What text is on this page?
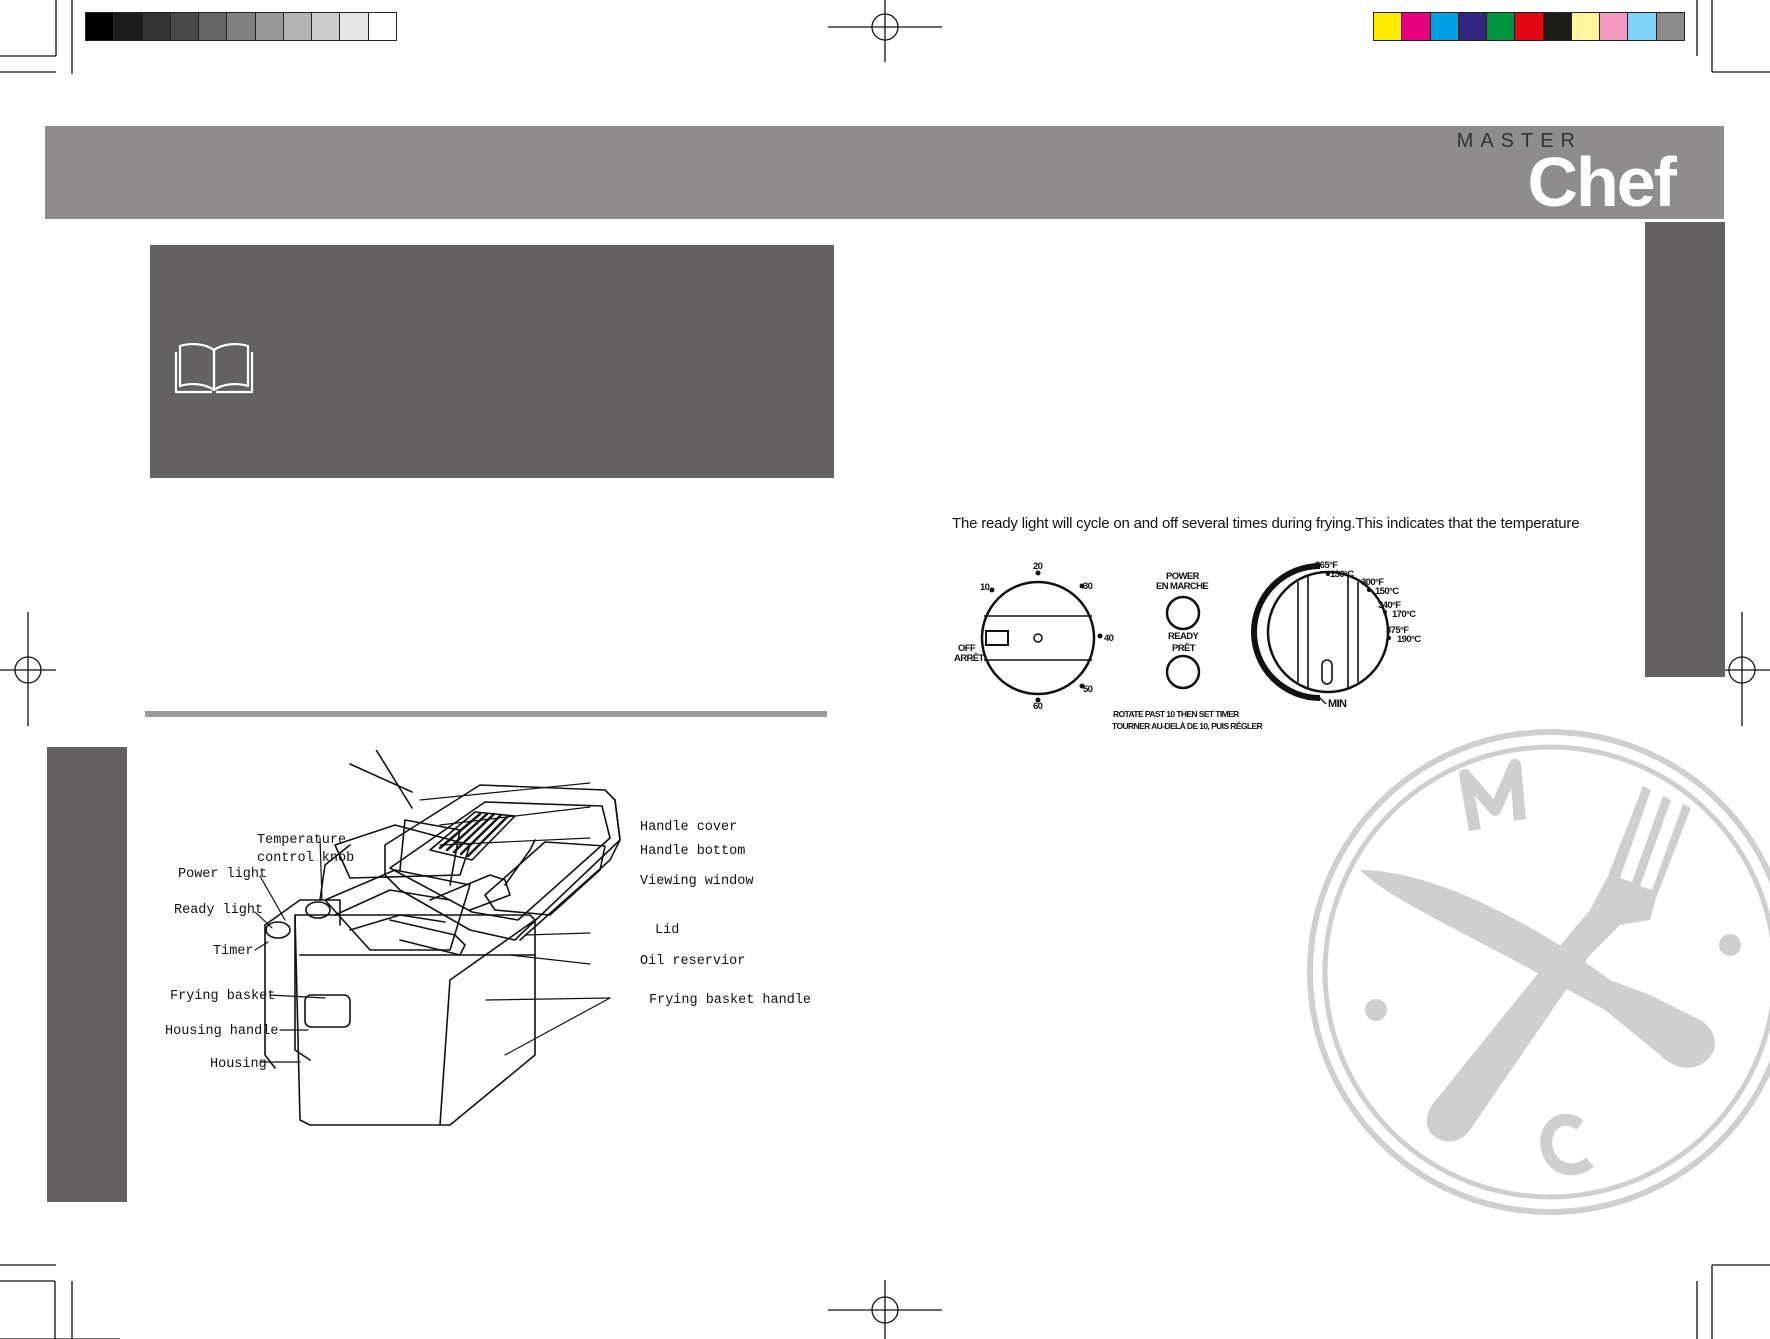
MASTER
Chef
The ready light will cycle on and off several times during frying.This indicates that the temperature
Temperature
control knob
Power light
Ready light
Timer
Frying basket
Housing handle
Housing
Handle cover
Handle bottom
Viewing window
Lid
Oil reservior
Frying basket handle
20
30
10
40
50
60
OFF
ARRÊT
POWER
EN MARCHE
READY
PRÊT
ROTATE PAST 10 THEN SET TIMER
TOURNER AU-DELÀ DE 10, PUIS RÉGLER
265°F
130°C
300°F
150°C
340°F
170°C
375°F
190°C
MIN
